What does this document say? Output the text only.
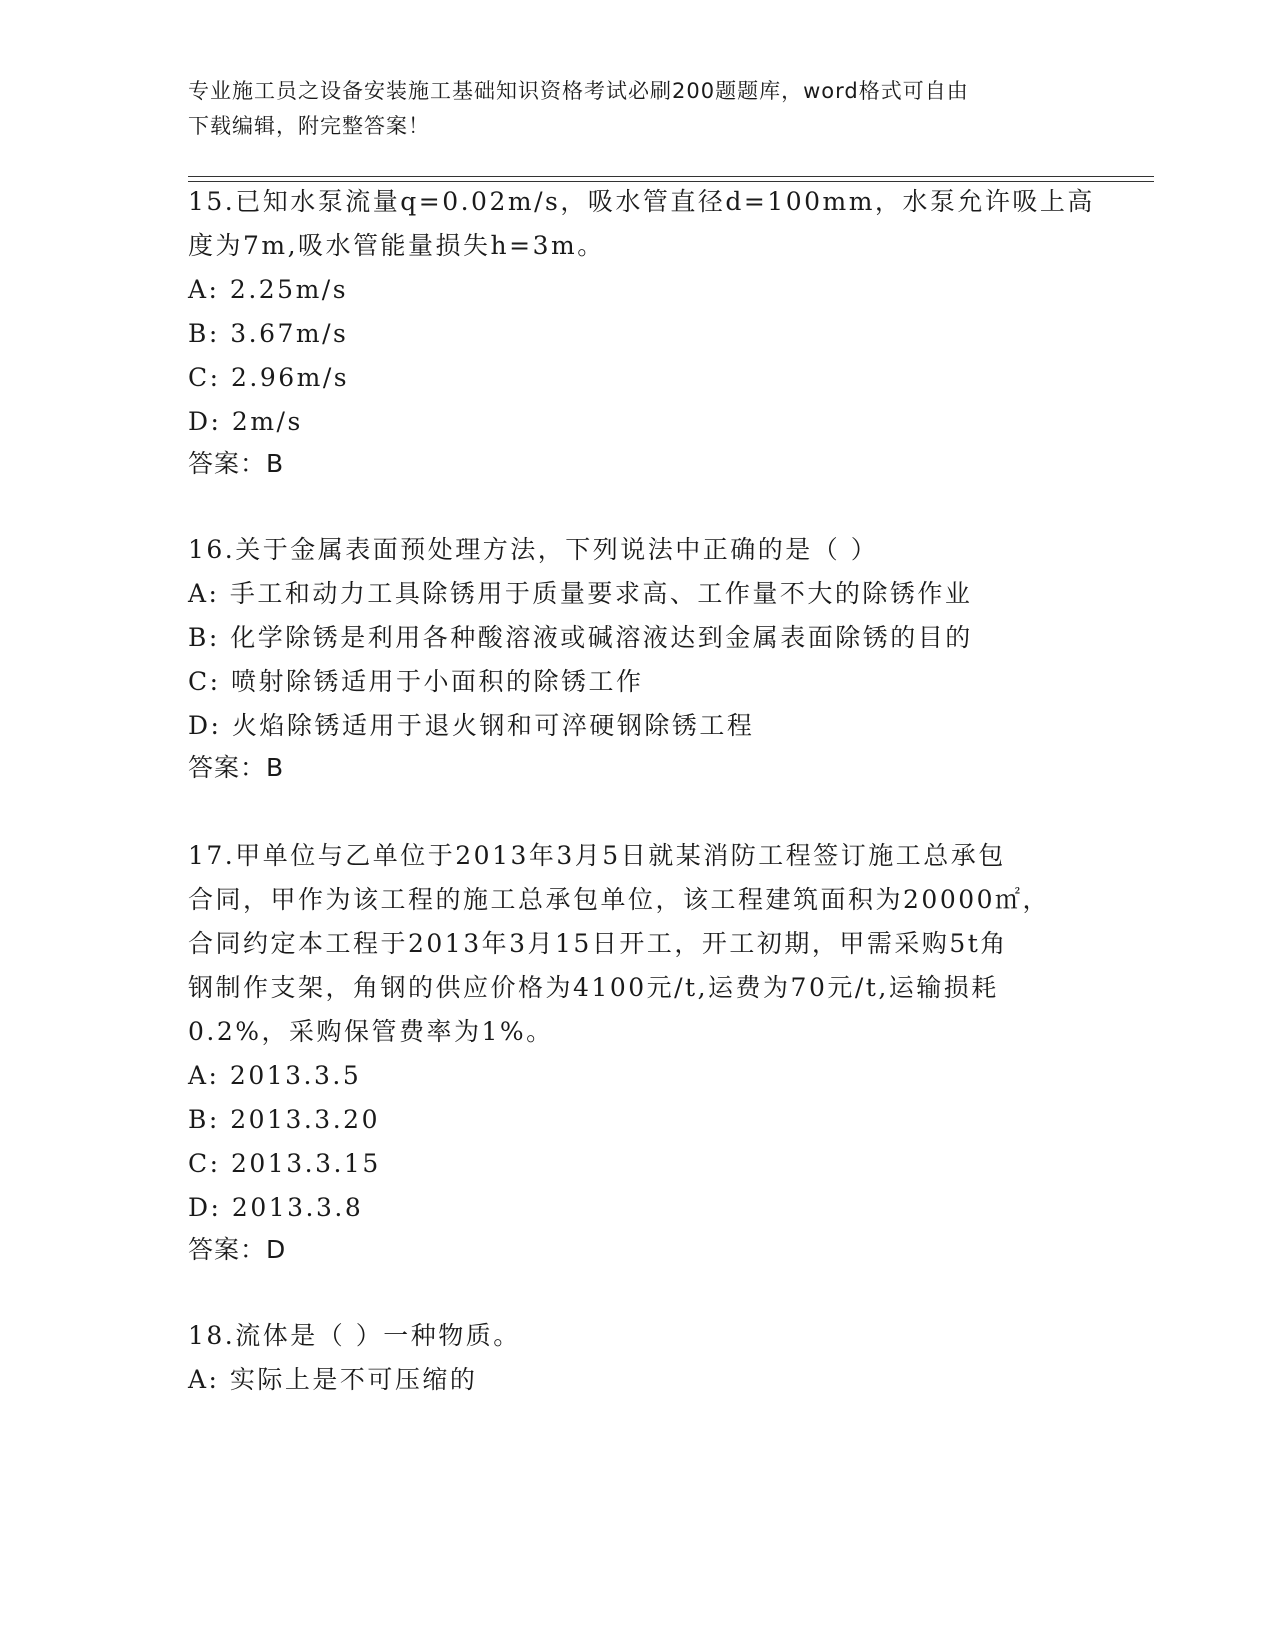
专业施工员之设备安装施工基础知识资格考试必刷200题题库，word格式可自由
下载编辑，附完整答案！
15.已知水泵流量q=0.02m/s，吸水管直径d=100mm，水泵允许吸上高
度为7m,吸水管能量损失h=3m。
A: 2.25m/s
B: 3.67m/s
C: 2.96m/s
D: 2m/s
答案：B
16.关于金属表面预处理方法，下列说法中正确的是（ ）
A: 手工和动力工具除锈用于质量要求高、工作量不大的除锈作业
B: 化学除锈是利用各种酸溶液或碱溶液达到金属表面除锈的目的
C: 喷射除锈适用于小面积的除锈工作
D: 火焰除锈适用于退火钢和可淬硬钢除锈工程
答案：B
17.甲单位与乙单位于2013年3月5日就某消防工程签订施工总承包
合同，甲作为该工程的施工总承包单位，该工程建筑面积为20000㎡，
合同约定本工程于2013年3月15日开工，开工初期，甲需采购5t角
钢制作支架，角钢的供应价格为4100元/t,运费为70元/t,运输损耗
0.2%，采购保管费率为1%。
A: 2013.3.5
B: 2013.3.20
C: 2013.3.15
D: 2013.3.8
答案：D
18.流体是（ ）一种物质。
A: 实际上是不可压缩的
